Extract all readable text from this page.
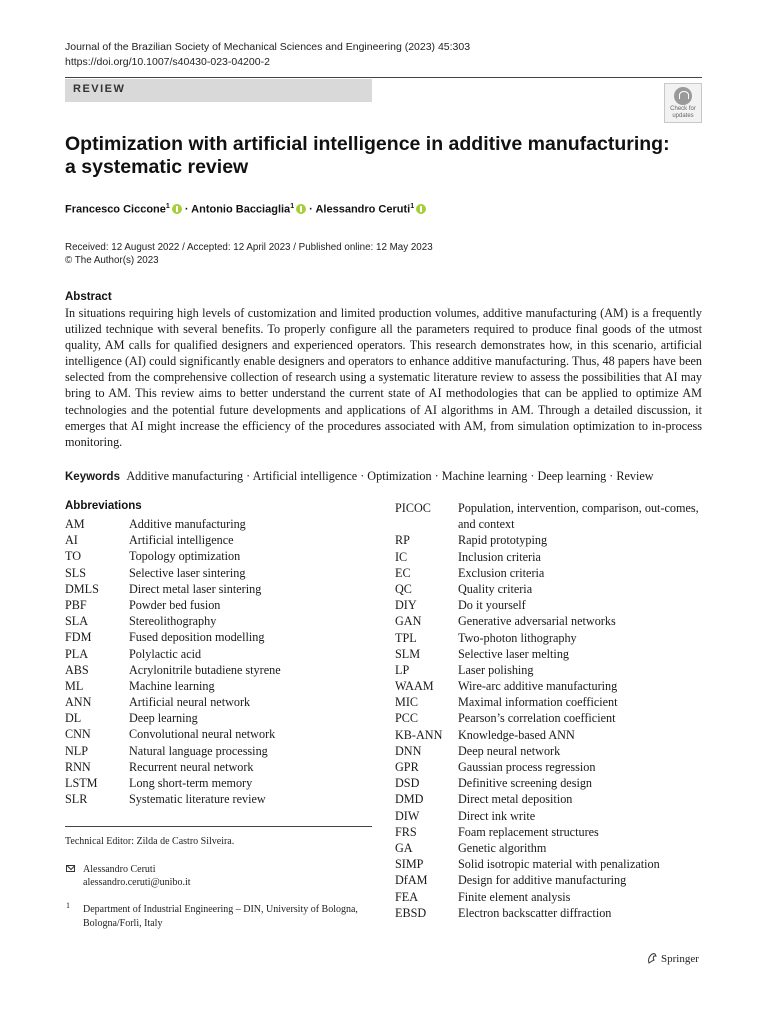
Journal of the Brazilian Society of Mechanical Sciences and Engineering (2023) 45:303
https://doi.org/10.1007/s40430-023-04200-2
REVIEW
Check for
updates
Optimization with artificial intelligence in additive manufacturing:
a systematic review
Francesco Ciccone$^1$ · Antonio Bacciaglia$^1$ · Alessandro Ceruti$^1$
Received: 12 August 2022 / Accepted: 12 April 2023 / Published online: 12 May 2023
© The Author(s) 2023
Abstract
In situations requiring high levels of customization and limited production volumes, additive manufacturing (AM) is a frequently utilized technique with several benefits. To properly configure all the parameters required to produce final goods of the utmost quality, AM calls for qualified designers and experienced operators. This research demonstrates how, in this scenario, artificial intelligence (AI) could significantly enable designers and operators to enhance additive manufacturing. Thus, 48 papers have been selected from the comprehensive collection of research using a systematic literature review to assess the possibilities that AI may bring to AM. This review aims to better understand the current state of AI methodologies that can be applied to optimize AM technologies and the potential future developments and applications of AI algorithms in AM. Through a detailed discussion, it emerges that AI might increase the efficiency of the procedures associated with AM, from simulation optimization to in-process monitoring.
Keywords Additive manufacturing · Artificial intelligence · Optimization · Machine learning · Deep learning · Review
Abbreviations
AM	Additive manufacturing
AI	Artificial intelligence
TO	Topology optimization
SLS	Selective laser sintering
DMLS Direct metal laser sintering
PBF	Powder bed fusion
SLA	Stereolithography
FDM	Fused deposition modelling
PLA	Polylactic acid
ABS	Acrylonitrile butadiene styrene
ML	Machine learning
ANN	Artificial neural network
DL	Deep learning
CNN	Convolutional neural network
NLP	Natural language processing
RNN	Recurrent neural network
LSTM	Long short-term memory
SLR	Systematic literature review
PICOC Population, intervention, comparison, out-comes, and context
RP	Rapid prototyping
IC	Inclusion criteria
EC	Exclusion criteria
QC	Quality criteria
DIY	Do it yourself
GAN	Generative adversarial networks
TPL	Two-photon lithography
SLM	Selective laser melting
LP	Laser polishing
WAAM Wire-arc additive manufacturing
MIC	Maximal information coefficient
PCC	Pearson’s correlation coefficient
KB-ANN Knowledge-based ANN
DNN	Deep neural network
GPR	Gaussian process regression
DSD	Definitive screening design
DMD	Direct metal deposition
DIW	Direct ink write
FRS	Foam replacement structures
GA	Genetic algorithm
SIMP	Solid isotropic material with penalization
DfAM	Design for additive manufacturing
FEA	Finite element analysis
EBSD	Electron backscatter diffraction
Technical Editor: Zilda de Castro Silveira.
Alessandro Ceruti
alessandro.ceruti@unibo.it
1 Department of Industrial Engineering – DIN, University of Bologna, Bologna/Forlì, Italy
Springer
